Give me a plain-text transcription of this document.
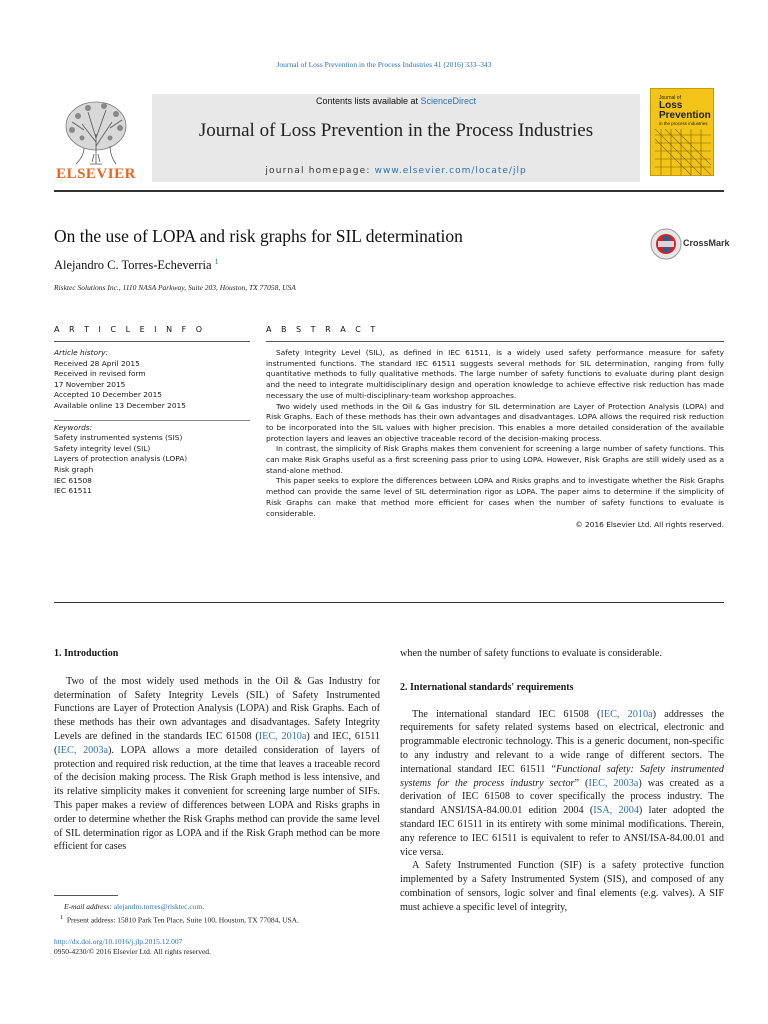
Journal of Loss Prevention in the Process Industries 41 (2016) 333–343
ELSEVIER
Contents lists available at ScienceDirect
Journal of Loss Prevention in the Process Industries
journal homepage: www.elsevier.com/locate/jlp
Journal of
Loss
Prevention
in the process industries
On the use of LOPA and risk graphs for SIL determination	CrossMark
Alejandro C. Torres-Echeverria $^1$
Risktec Solutions Inc., 1110 NASA Parkway, Suite 203, Houston, TX 77058, USA
A R T I C L E I N F O	A B S T R A C T
Article history:
Received 28 April 2015
Received in revised form
17 November 2015
Accepted 10 December 2015
Available online 13 December 2015
Keywords:
Safety instrumented systems (SIS)
Safety integrity level (SIL)
Layers of protection analysis (LOPA)
Risk graph
IEC 61508
IEC 61511

Safety Integrity Level (SIL), as defined in IEC 61511, is a widely used safety performance measure for safety instrumented functions. The standard IEC 61511 suggests several methods for SIL determination, ranging from fully quantitative methods to fully qualitative methods. The large number of safety functions to evaluate during plant design and the need to integrate multidisciplinary design and operation knowledge to achieve effective risk reduction has made necessary the use of multi-disciplinary-team workshop approaches.

Two widely used methods in the Oil & Gas industry for SIL determination are Layer of Protection Analysis (LOPA) and Risk Graphs. Each of these methods has their own advantages and disadvantages. LOPA allows the required risk reduction to be incorporated into the SIL values with higher precision. This enables a more detailed consideration of the available protection layers and leaves an objective traceable record of the decision-making process.

In contrast, the simplicity of Risk Graphs makes them convenient for screening a large number of safety functions. This can make Risk Graphs useful as a first screening pass prior to using LOPA. However, Risk Graphs are still widely used as a stand-alone method.

This paper seeks to explore the differences between LOPA and Risks graphs and to investigate whether the Risk Graphs method can provide the same level of SIL determination rigor as LOPA. The paper aims to determine if the simplicity of Risk Graphs can make that method more efficient for cases when the number of safety functions to evaluate is considerable.

© 2016 Elsevier Ltd. All rights reserved.
1. Introduction

Two of the most widely used methods in the Oil & Gas Industry for determination of Safety Integrity Levels (SIL) of Safety Instrumented Functions are Layer of Protection Analysis (LOPA) and Risk Graphs. Each of these methods has their own advantages and disadvantages. Safety Integrity Levels are defined in the standards IEC 61508 (IEC, 2010a) and IEC, 61511 (IEC, 2003a). LOPA allows a more detailed consideration of layers of protection and required risk reduction, at the time that leaves a traceable record of the decision making process. The Risk Graph method is less intensive, and its relative simplicity makes it convenient for screening large number of SIFs. This paper makes a review of differences between LOPA and Risks graphs in order to determine whether the Risk Graphs method can provide the same level of SIL determination rigor as LOPA and if the Risk Graph method can be more efficient for cases

when the number of safety functions to evaluate is considerable.

2. International standards' requirements

The international standard IEC 61508 (IEC, 2010a) addresses the requirements for safety related systems based on electrical, electronic and programmable electronic technology. This is a generic document, non-specific to any industry and relevant to a wide range of different sectors. The international standard IEC 61511 “Functional safety: Safety instrumented systems for the process industry sector” (IEC, 2003a) was created as a derivation of IEC 61508 to cover specifically the process industry. The standard ANSI/ISA-84.00.01 edition 2004 (ISA, 2004) later adopted the standard IEC 61511 in its entirety with some minimal modifications. Therein, any reference to IEC 61511 is equivalent to refer to ANSI/ISA-84.00.01 and vice versa.

A Safety Instrumented Function (SIF) is a safety protective function implemented by a Safety Instrumented System (SIS), and composed of any combination of sensors, logic solver and final elements (e.g. valves). A SIF must achieve a specific level of integrity,

E-mail address: alejandro.torres@risktec.com.
$^1$ Present address: 15810 Park Ten Place, Suite 100, Houston, TX 77084, USA.
http://dx.doi.org/10.1016/j.jlp.2015.12.007
0950-4230/© 2016 Elsevier Ltd. All rights reserved.
